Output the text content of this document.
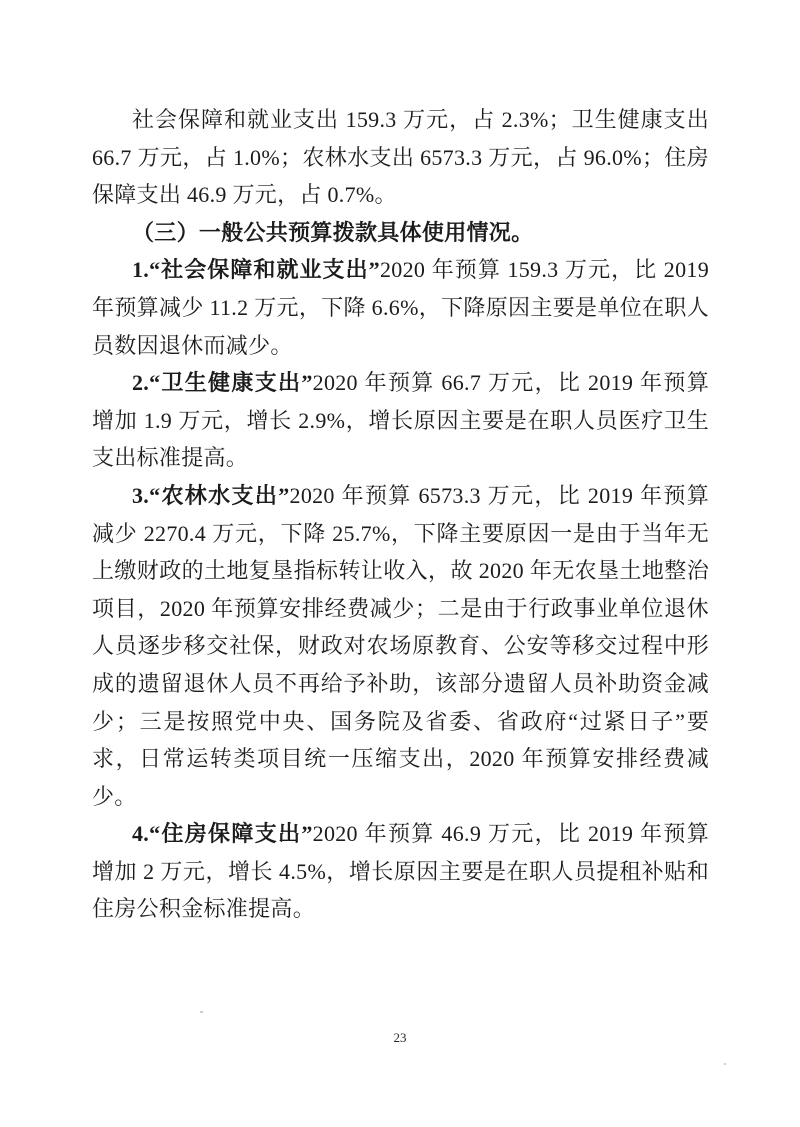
社会保障和就业支出 159.3 万元，占 2.3%；卫生健康支出 66.7 万元，占 1.0%；农林水支出 6573.3 万元，占 96.0%；住房保障支出 46.9 万元，占 0.7%。

（三）一般公共预算拨款具体使用情况。

1.“社会保障和就业支出”2020 年预算 159.3 万元，比 2019 年预算减少 11.2 万元，下降 6.6%，下降原因主要是单位在职人员数因退休而减少。

2.“卫生健康支出”2020 年预算 66.7 万元，比 2019 年预算增加 1.9 万元，增长 2.9%，增长原因主要是在职人员医疗卫生支出标准提高。

3.“农林水支出”2020 年预算 6573.3 万元，比 2019 年预算减少 2270.4 万元，下降 25.7%，下降主要原因一是由于当年无上缴财政的土地复垦指标转让收入，故 2020 年无农垦土地整治项目，2020 年预算安排经费减少；二是由于行政事业单位退休人员逐步移交社保，财政对农场原教育、公安等移交过程中形成的遗留退休人员不再给予补助，该部分遗留人员补助资金减少；三是按照党中央、国务院及省委、省政府“过紧日子”要求，日常运转类项目统一压缩支出，2020 年预算安排经费减少。

4.“住房保障支出”2020 年预算 46.9 万元，比 2019 年预算增加 2 万元，增长 4.5%，增长原因主要是在职人员提租补贴和住房公积金标准提高。

23
